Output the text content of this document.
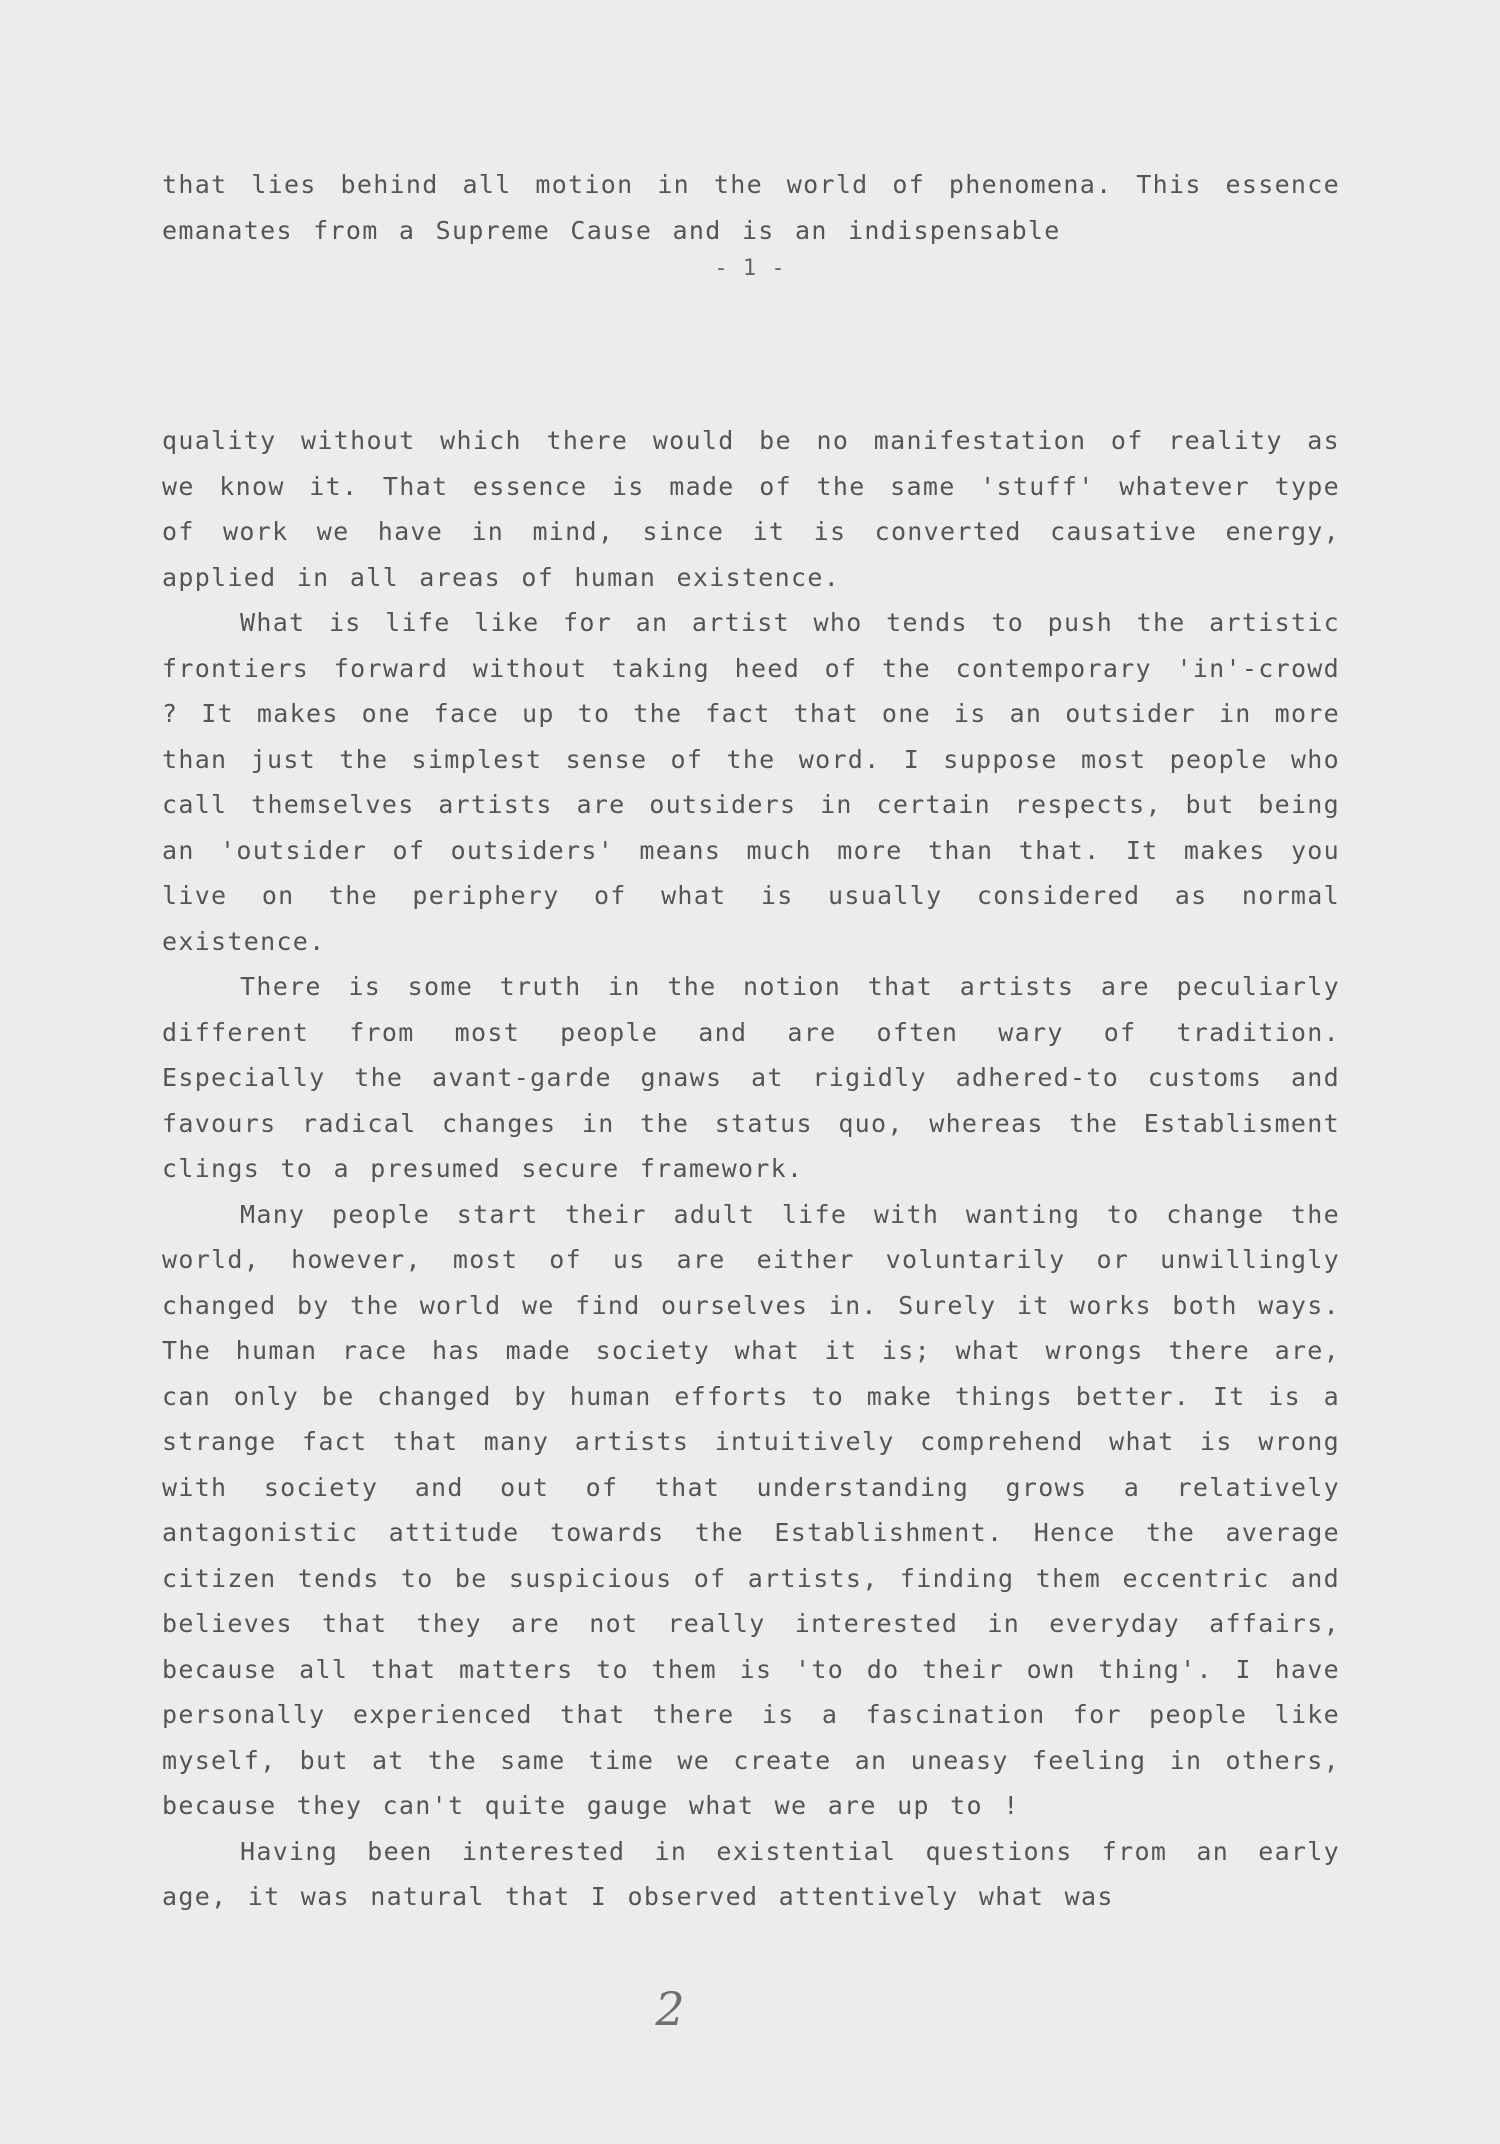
that lies behind all motion in the world of phenomena. This essence emanates from a Supreme Cause and is an indispensable

- 1 -

quality without which there would be no manifestation of reality as we know it. That essence is made of the same 'stuff' whatever type of work we have in mind, since it is converted causative energy, applied in all areas of human existence.

What is life like for an artist who tends to push the artistic frontiers forward without taking heed of the contemporary 'in'-crowd ? It makes one face up to the fact that one is an outsider in more than just the simplest sense of the word. I suppose most people who call themselves artists are outsiders in certain respects, but being an 'outsider of outsiders' means much more than that. It makes you live on the periphery of what is usually considered as normal existence.

There is some truth in the notion that artists are peculiarly different from most people and are often wary of tradition. Especially the avant-garde gnaws at rigidly adhered-to customs and favours radical changes in the status quo, whereas the Establisment clings to a presumed secure framework.

Many people start their adult life with wanting to change the world, however, most of us are either voluntarily or unwillingly changed by the world we find ourselves in. Surely it works both ways. The human race has made society what it is; what wrongs there are, can only be changed by human efforts to make things better. It is a strange fact that many artists intuitively comprehend what is wrong with society and out of that understanding grows a relatively antagonistic attitude towards the Establishment. Hence the average citizen tends to be suspicious of artists, finding them eccentric and believes that they are not really interested in everyday affairs, because all that matters to them is 'to do their own thing'. I have personally experienced that there is a fascination for people like myself, but at the same time we create an uneasy feeling in others, because they can't quite gauge what we are up to !

Having been interested in existential questions from an early age, it was natural that I observed attentively what was

2
